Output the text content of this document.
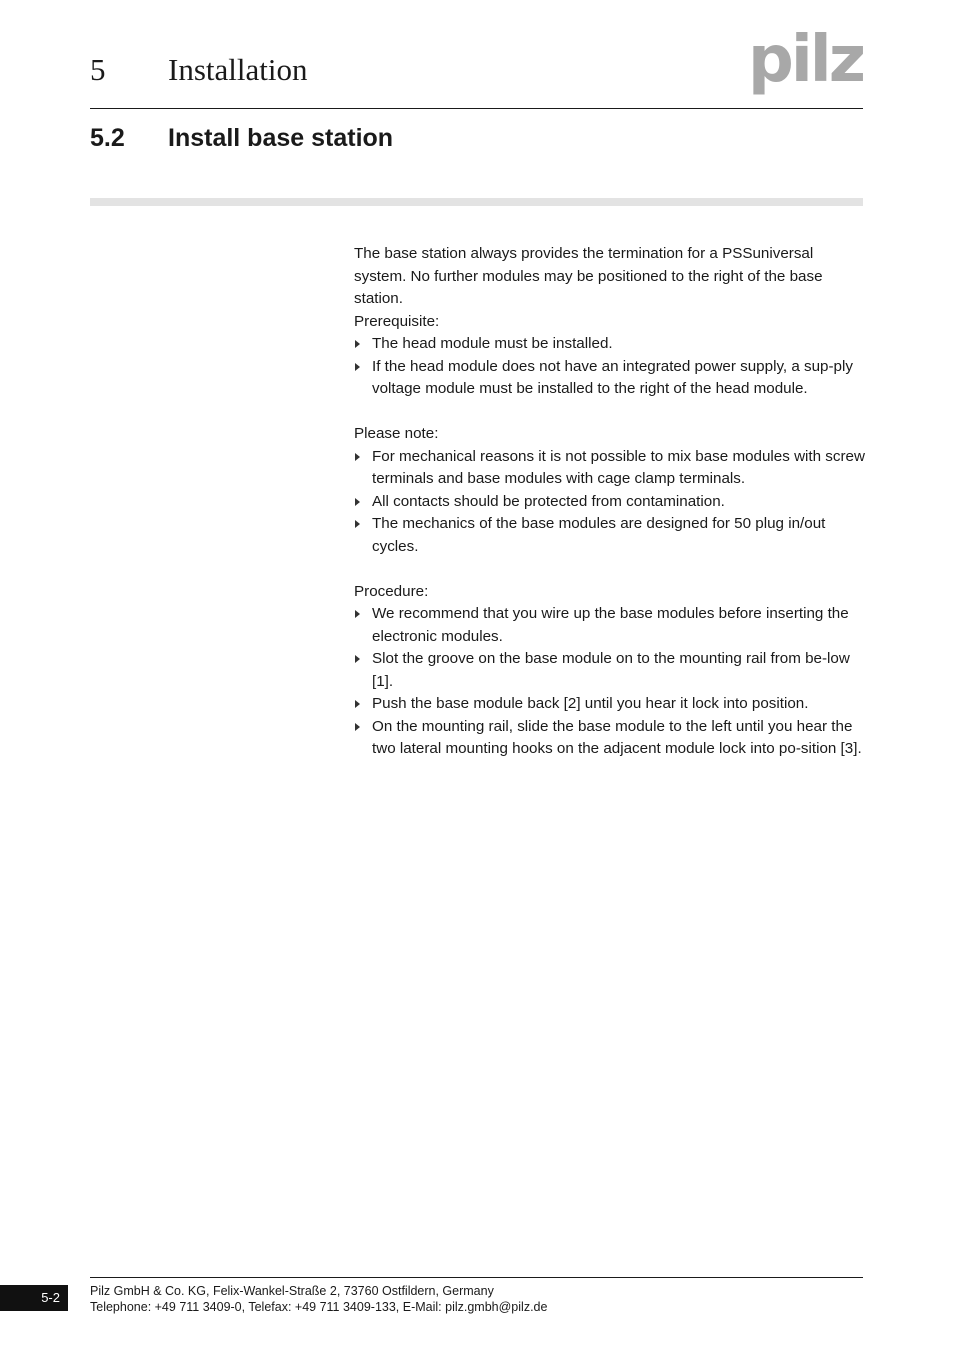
5 Installation	pilz
5.2 Install base station

The base station always provides the termination for a PSSuniversal system. No further modules may be positioned to the right of the base station.

Prerequisite:

The head module must be installed.
If the head module does not have an integrated power supply, a sup-ply voltage module must be installed to the right of the head module.

Please note:

For mechanical reasons it is not possible to mix base modules with screw terminals and base modules with cage clamp terminals.
All contacts should be protected from contamination.
The mechanics of the base modules are designed for 50 plug in/out cycles.

Procedure:

We recommend that you wire up the base modules before inserting the electronic modules.
Slot the groove on the base module on to the mounting rail from be-low [1].
Push the base module back [2] until you hear it lock into position.
On the mounting rail, slide the base module to the left until you hear the two lateral mounting hooks on the adjacent module lock into po-sition [3].
5-2	Pilz GmbH & Co. KG, Felix-Wankel-Straße 2, 73760 Ostfildern, Germany
Telephone: +49 711 3409-0, Telefax: +49 711 3409-133, E-Mail: pilz.gmbh@pilz.de
